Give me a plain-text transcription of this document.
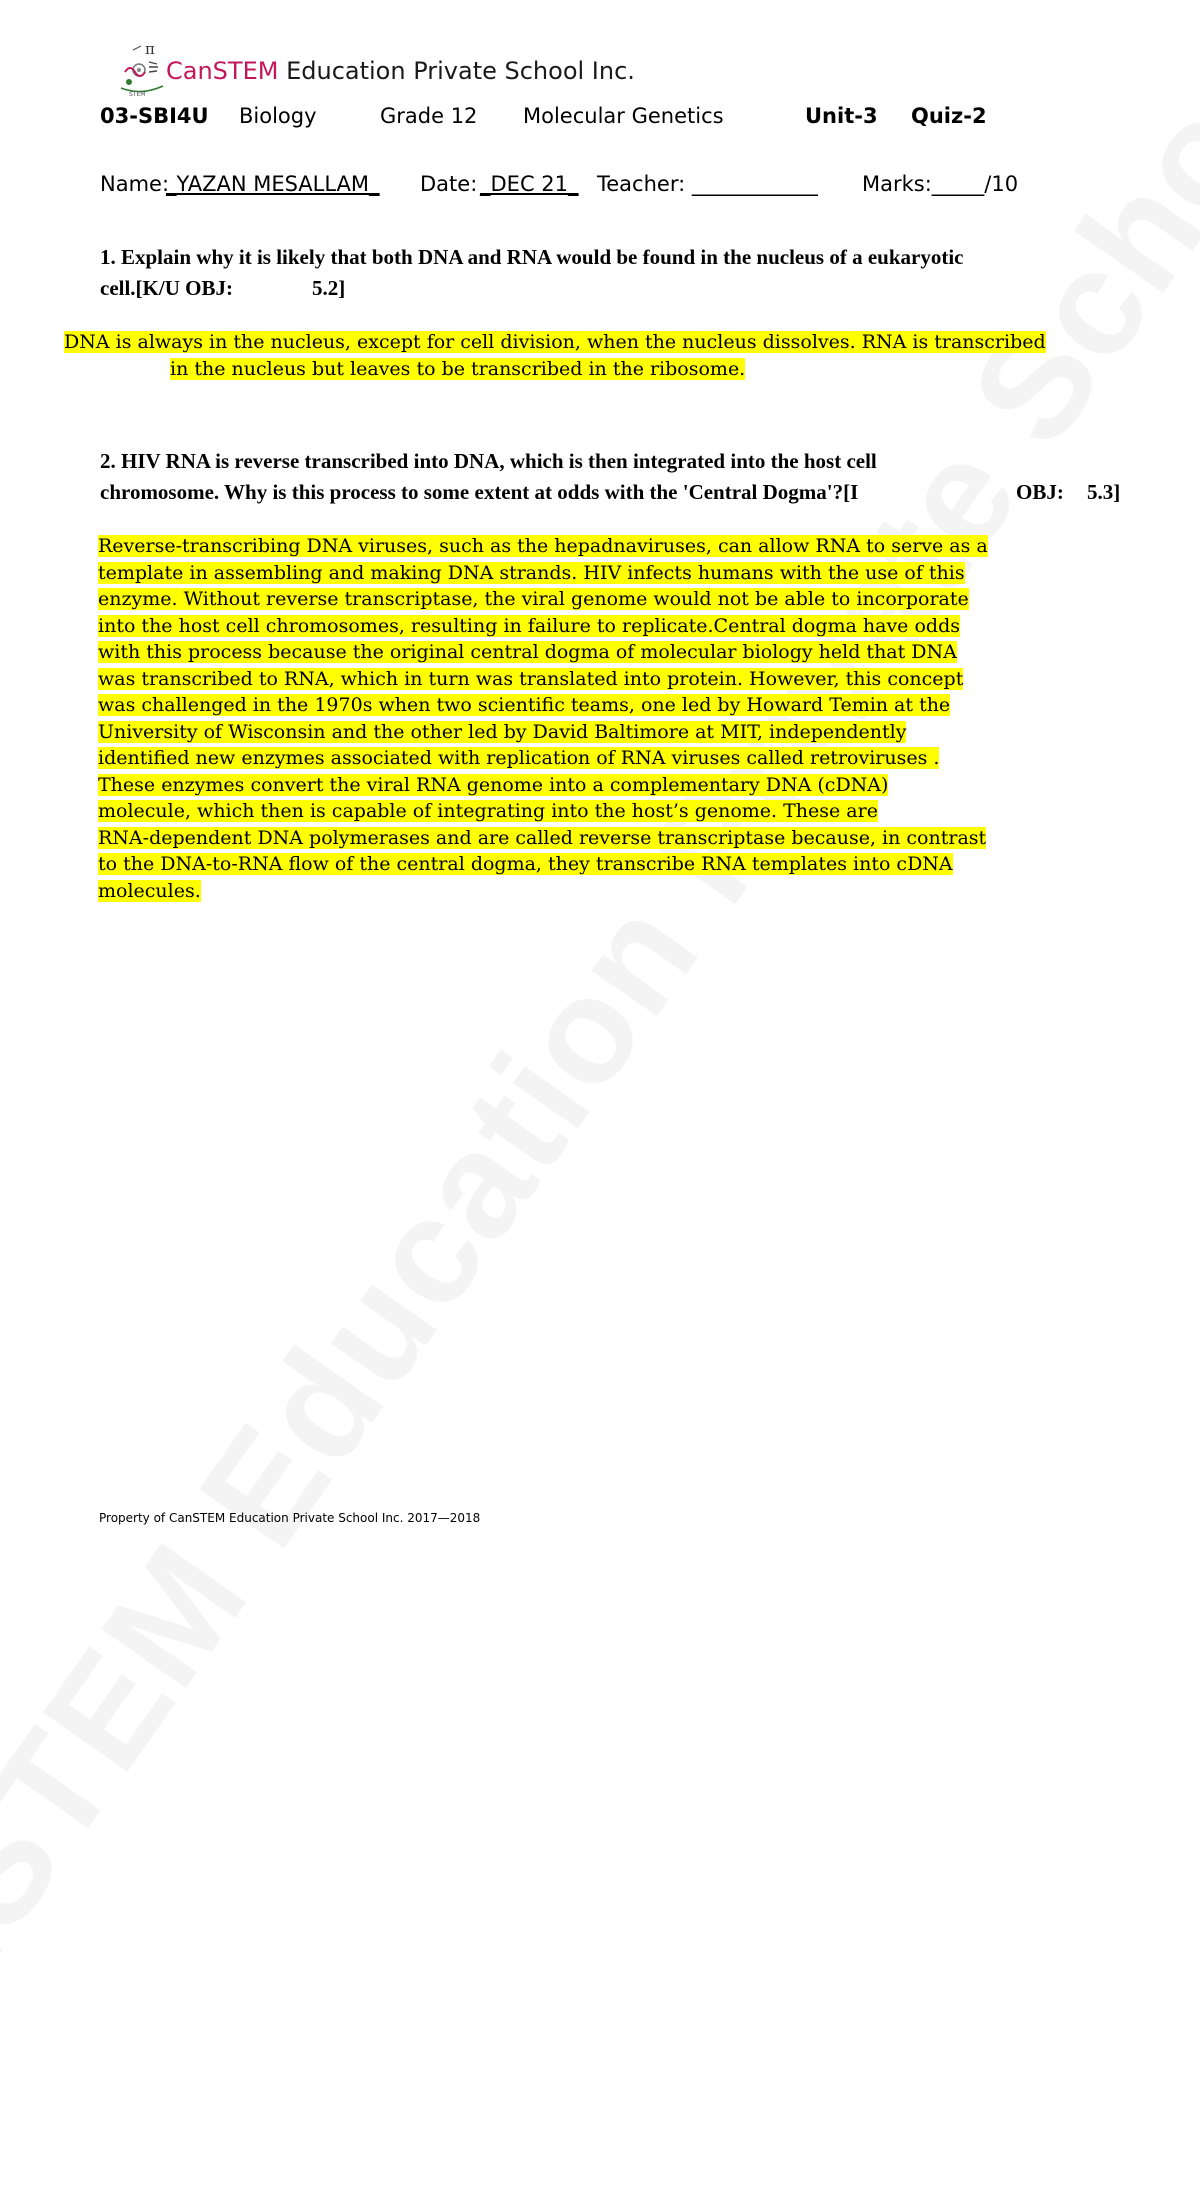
π
STEM
CanSTEM Education Private School Inc.
03-SBI4U Biology	Grade 12 Molecular Genetics	Unit-3 Quiz-2
Name:
_YAZAN MESALLAM_ Date: _DEC 21_ Teacher: ____________ Marks:_____/10
1. Explain why it is likely that both DNA and RNA would be found in the nucleus of a eukaryotic
cell.[K/U OBJ:	5.2]
DNA is always in the nucleus, except for cell division, when the nucleus dissolves. RNA is transcribed
in the nucleus but leaves to be transcribed in the ribosome.
2. HIV RNA is reverse transcribed into DNA, which is then integrated into the host cell
chromosome. Why is this process to some extent at odds with the 'Central Dogma'?[I	OBJ: 5.3]
Reverse-transcribing DNA viruses, such as the hepadnaviruses, can allow RNA to serve as a
template in assembling and making DNA strands. HIV infects humans with the use of this
enzyme. Without reverse transcriptase, the viral genome would not be able to incorporate
into the host cell chromosomes, resulting in failure to replicate.Central dogma have odds
with this process because the original central dogma of molecular biology held that DNA
was transcribed to RNA, which in turn was translated into protein. However, this concept
was challenged in the 1970s when two scientific teams, one led by Howard Temin at the
University of Wisconsin and the other led by David Baltimore at MIT, independently
identified new enzymes associated with replication of RNA viruses called retroviruses .
These enzymes convert the viral RNA genome into a complementary DNA (cDNA)
molecule, which then is capable of integrating into the host’s genome. These are
RNA-dependent DNA polymerases and are called reverse transcriptase because, in contrast
to the DNA-to-RNA flow of the central dogma, they transcribe RNA templates into cDNA
molecules.
Property of CanSTEM Education Private School Inc. 2017—2018
